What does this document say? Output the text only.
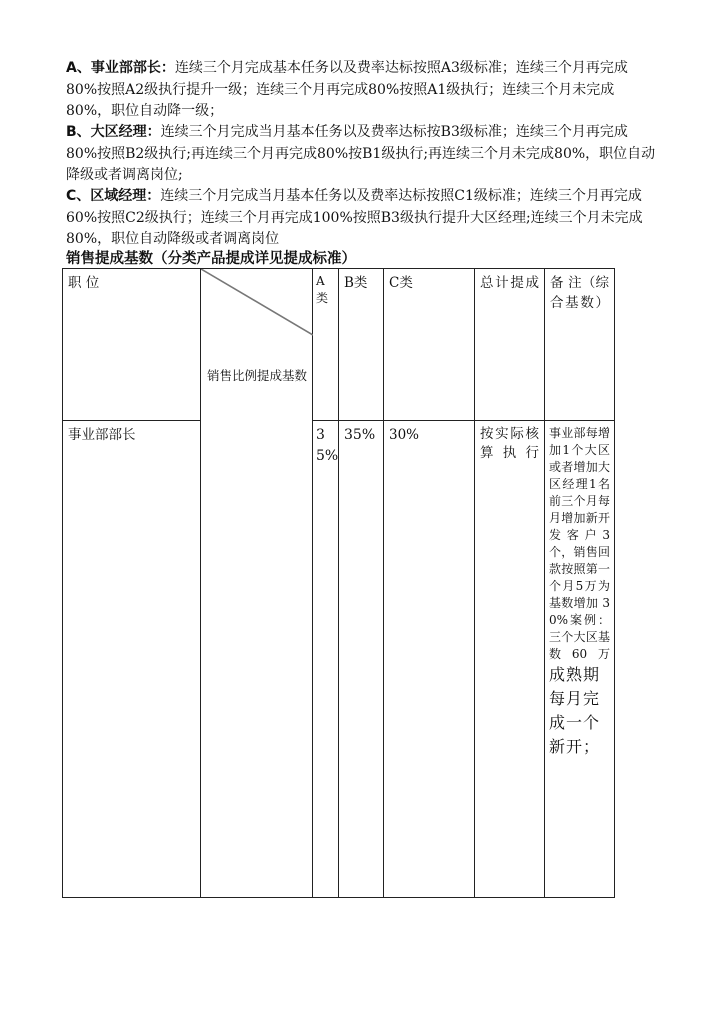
A、事业部部长：连续三个月完成基本任务以及费率达标按照A3级标准；连续三个月再完成80%按照A2级执行提升一级；连续三个月再完成80%按照A1级执行；连续三个月未完成80%，职位自动降一级；
B、大区经理：连续三个月完成当月基本任务以及费率达标按B3级标准；连续三个月再完成80%按照B2级执行;再连续三个月再完成80%按B1级执行;再连续三个月未完成80%，职位自动降级或者调离岗位;
C、区域经理：连续三个月完成当月基本任务以及费率达标按照C1级标准；连续三个月再完成60%按照C2级执行；连续三个月再完成100%按照B3级执行提升大区经理;连续三个月未完成80%，职位自动降级或者调离岗位
销售提成基数（分类产品提成详见提成标准）
职 位	销售比例提成基数	A类	B类	C类	总计提成	备 注（综合基数）
事业部部长		35%	35%	30%	按实际核算执行	事业部每增加1个大区或者增加大区经理1名前三个月每月增加新开发客户3个，销售回款按照第一个月5万为基数增加 30%案例：三个大区基数60万
成熟期每月完成一个新开；
